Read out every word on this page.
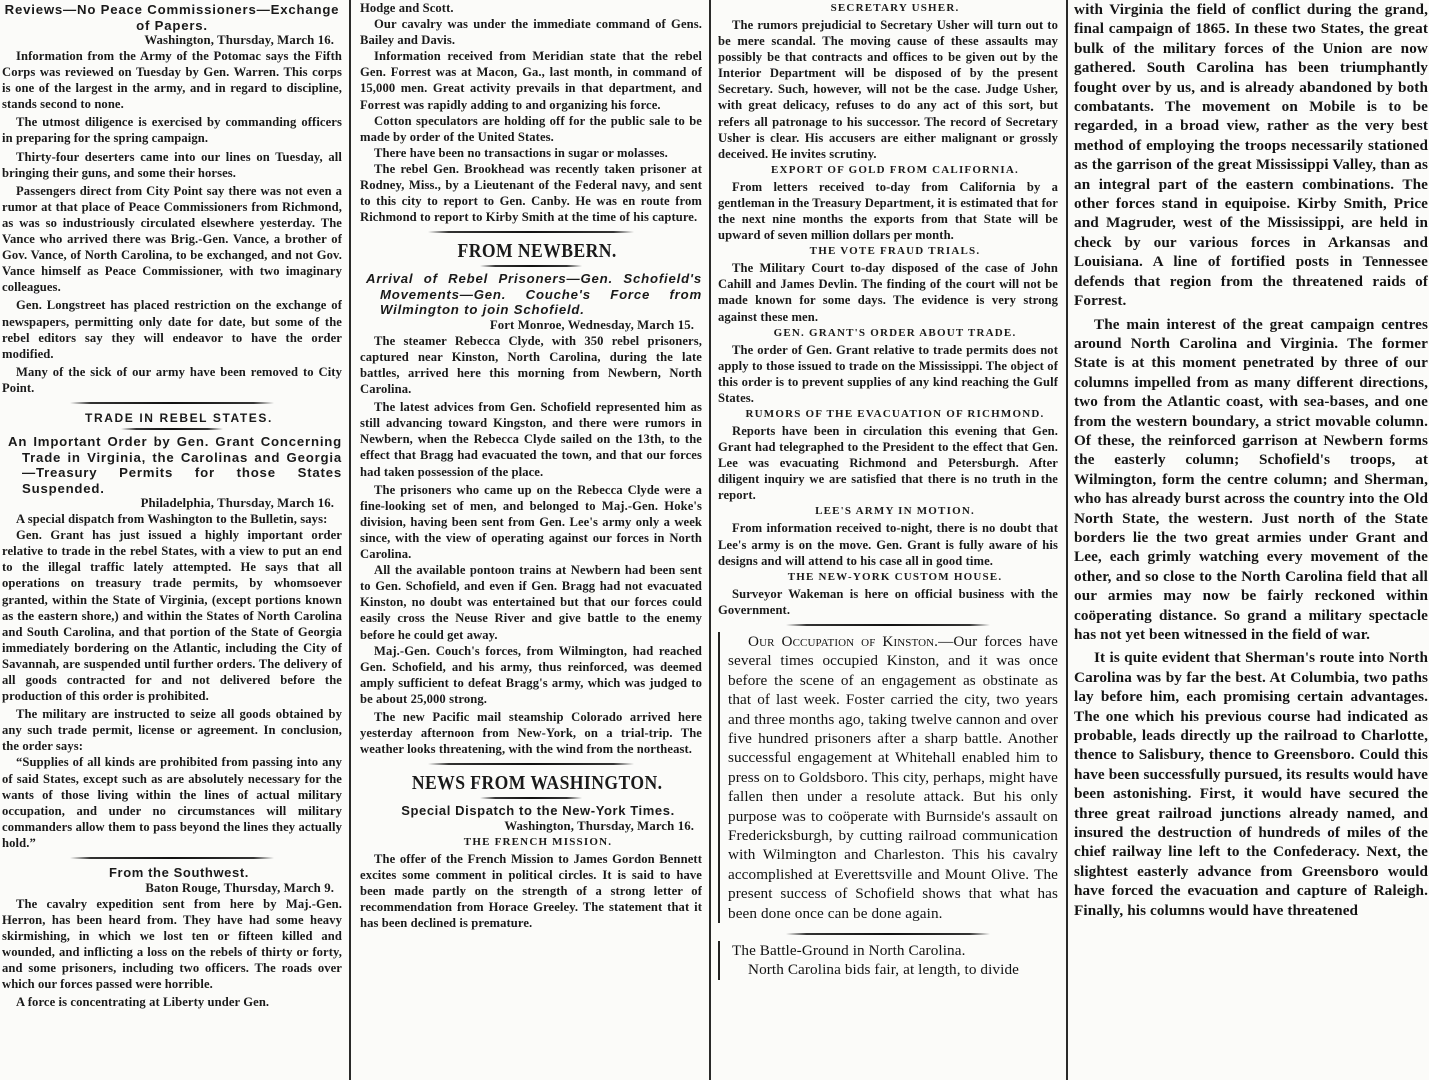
Reviews—No Peace Commissioners—Exchange of Papers.

Washington, Thursday, March 16.

Information from the Army of the Potomac says the Fifth Corps was reviewed on Tuesday by Gen. Warren. This corps is one of the largest in the army, and in regard to discipline, stands second to none.

The utmost diligence is exercised by commanding officers in preparing for the spring campaign.

Thirty-four deserters came into our lines on Tuesday, all bringing their guns, and some their horses.

Passengers direct from City Point say there was not even a rumor at that place of Peace Commissioners from Richmond, as was so industriously circulated elsewhere yesterday. The Vance who arrived there was Brig.-Gen. Vance, a brother of Gov. Vance, of North Carolina, to be exchanged, and not Gov. Vance himself as Peace Commissioner, with two imaginary colleagues.

Gen. Longstreet has placed restriction on the exchange of newspapers, permitting only date for date, but some of the rebel editors say they will endeavor to have the order modified.

Many of the sick of our army have been removed to City Point.

TRADE IN REBEL STATES.

An Important Order by Gen. Grant Concerning Trade in Virginia, the Carolinas and Georgia—Treasury Permits for those States Suspended.

Philadelphia, Thursday, March 16.

A special dispatch from Washington to the Bulletin, says:

Gen. Grant has just issued a highly important order relative to trade in the rebel States, with a view to put an end to the illegal traffic lately attempted. He says that all operations on treasury trade permits, by whomsoever granted, within the State of Virginia, (except portions known as the eastern shore,) and within the States of North Carolina and South Carolina, and that portion of the State of Georgia immediately bordering on the Atlantic, including the City of Savannah, are suspended until further orders. The delivery of all goods contracted for and not delivered before the production of this order is prohibited.

The military are instructed to seize all goods obtained by any such trade permit, license or agreement. In conclusion, the order says:

“Supplies of all kinds are prohibited from passing into any of said States, except such as are absolutely necessary for the wants of those living within the lines of actual military occupation, and under no circumstances will military commanders allow them to pass beyond the lines they actually hold.”

From the Southwest.

Baton Rouge, Thursday, March 9.

The cavalry expedition sent from here by Maj.-Gen. Herron, has been heard from. They have had some heavy skirmishing, in which we lost ten or fifteen killed and wounded, and inflicting a loss on the rebels of thirty or forty, and some prisoners, including two officers. The roads over which our forces passed were horrible.

A force is concentrating at Liberty under Gen.

Hodge and Scott.

Our cavalry was under the immediate command of Gens. Bailey and Davis.

Information received from Meridian state that the rebel Gen. Forrest was at Macon, Ga., last month, in command of 15,000 men. Great activity prevails in that department, and Forrest was rapidly adding to and organizing his force.

Cotton speculators are holding off for the public sale to be made by order of the United States.

There have been no transactions in sugar or molasses.

The rebel Gen. Brookhead was recently taken prisoner at Rodney, Miss., by a Lieutenant of the Federal navy, and sent to this city to report to Gen. Canby. He was en route from Richmond to report to Kirby Smith at the time of his capture.

FROM NEWBERN.

Arrival of Rebel Prisoners—Gen. Schofield's Movements—Gen. Couche's Force from Wilmington to join Schofield.

Fort Monroe, Wednesday, March 15.

The steamer Rebecca Clyde, with 350 rebel prisoners, captured near Kinston, North Carolina, during the late battles, arrived here this morning from Newbern, North Carolina.

The latest advices from Gen. Schofield represented him as still advancing toward Kingston, and there were rumors in Newbern, when the Rebecca Clyde sailed on the 13th, to the effect that Bragg had evacuated the town, and that our forces had taken possession of the place.

The prisoners who came up on the Rebecca Clyde were a fine-looking set of men, and belonged to Maj.-Gen. Hoke's division, having been sent from Gen. Lee's army only a week since, with the view of operating against our forces in North Carolina.

All the available pontoon trains at Newbern had been sent to Gen. Schofield, and even if Gen. Bragg had not evacuated Kinston, no doubt was entertained but that our forces could easily cross the Neuse River and give battle to the enemy before he could get away.

Maj.-Gen. Couch's forces, from Wilmington, had reached Gen. Schofield, and his army, thus reinforced, was deemed amply sufficient to defeat Bragg's army, which was judged to be about 25,000 strong.

The new Pacific mail steamship Colorado arrived here yesterday afternoon from New-York, on a trial-trip. The weather looks threatening, with the wind from the northeast.

NEWS FROM WASHINGTON.

Special Dispatch to the New-York Times.

Washington, Thursday, March 16.

THE FRENCH MISSION.

The offer of the French Mission to James Gordon Bennett excites some comment in political circles. It is said to have been made partly on the strength of a strong letter of recommendation from Horace Greeley. The statement that it has been declined is premature.

SECRETARY USHER.

The rumors prejudicial to Secretary Usher will turn out to be mere scandal. The moving cause of these assaults may possibly be that contracts and offices to be given out by the Interior Department will be disposed of by the present Secretary. Such, however, will not be the case. Judge Usher, with great delicacy, refuses to do any act of this sort, but refers all patronage to his successor. The record of Secretary Usher is clear. His accusers are either malignant or grossly deceived. He invites scrutiny.

EXPORT OF GOLD FROM CALIFORNIA.

From letters received to-day from California by a gentleman in the Treasury Department, it is estimated that for the next nine months the exports from that State will be upward of seven million dollars per month.

THE VOTE FRAUD TRIALS.

The Military Court to-day disposed of the case of John Cahill and James Devlin. The finding of the court will not be made known for some days. The evidence is very strong against these men.

GEN. GRANT'S ORDER ABOUT TRADE.

The order of Gen. Grant relative to trade permits does not apply to those issued to trade on the Mississippi. The object of this order is to prevent supplies of any kind reaching the Gulf States.

RUMORS OF THE EVACUATION OF RICHMOND.

Reports have been in circulation this evening that Gen. Grant had telegraphed to the President to the effect that Gen. Lee was evacuating Richmond and Petersburgh. After diligent inquiry we are satisfied that there is no truth in the report.

LEE'S ARMY IN MOTION.

From information received to-night, there is no doubt that Lee's army is on the move. Gen. Grant is fully aware of his designs and will attend to his case all in good time.

THE NEW-YORK CUSTOM HOUSE.

Surveyor Wakeman is here on official business with the Government.

Our Occupation of Kinston.—Our forces have several times occupied Kinston, and it was once before the scene of an engagement as obstinate as that of last week. Foster carried the city, two years and three months ago, taking twelve cannon and over five hundred prisoners after a sharp battle. Another successful engagement at Whitehall enabled him to press on to Goldsboro. This city, perhaps, might have fallen then under a resolute attack. But his only purpose was to coöperate with Burnside's assault on Fredericksburgh, by cutting railroad communication with Wilmington and Charleston. This his cavalry accomplished at Everettsville and Mount Olive. The present success of Schofield shows that what has been done once can be done again.

The Battle-Ground in North Carolina.

North Carolina bids fair, at length, to divide

with Virginia the field of conflict during the grand, final campaign of 1865. In these two States, the great bulk of the military forces of the Union are now gathered. South Carolina has been triumphantly fought over by us, and is already abandoned by both combatants. The movement on Mobile is to be regarded, in a broad view, rather as the very best method of employing the troops necessarily stationed as the garrison of the great Mississippi Valley, than as an integral part of the eastern combinations. The other forces stand in equipoise. Kirby Smith, Price and Magruder, west of the Mississippi, are held in check by our various forces in Arkansas and Louisiana. A line of fortified posts in Tennessee defends that region from the threatened raids of Forrest.

The main interest of the great campaign centres around North Carolina and Virginia. The former State is at this moment penetrated by three of our columns impelled from as many different directions, two from the Atlantic coast, with sea-bases, and one from the western boundary, a strict movable column. Of these, the reinforced garrison at Newbern forms the easterly column; Schofield's troops, at Wilmington, form the centre column; and Sherman, who has already burst across the country into the Old North State, the western. Just north of the State borders lie the two great armies under Grant and Lee, each grimly watching every movement of the other, and so close to the North Carolina field that all our armies may now be fairly reckoned within coöperating distance. So grand a military spectacle has not yet been witnessed in the field of war.

It is quite evident that Sherman's route into North Carolina was by far the best. At Columbia, two paths lay before him, each promising certain advantages. The one which his previous course had indicated as probable, leads directly up the railroad to Charlotte, thence to Salisbury, thence to Greensboro. Could this have been successfully pursued, its results would have been astonishing. First, it would have secured the three great railroad junctions already named, and insured the destruction of hundreds of miles of the chief railway line left to the Confederacy. Next, the slightest easterly advance from Greensboro would have forced the evacuation and capture of Raleigh. Finally, his columns would have threatened
